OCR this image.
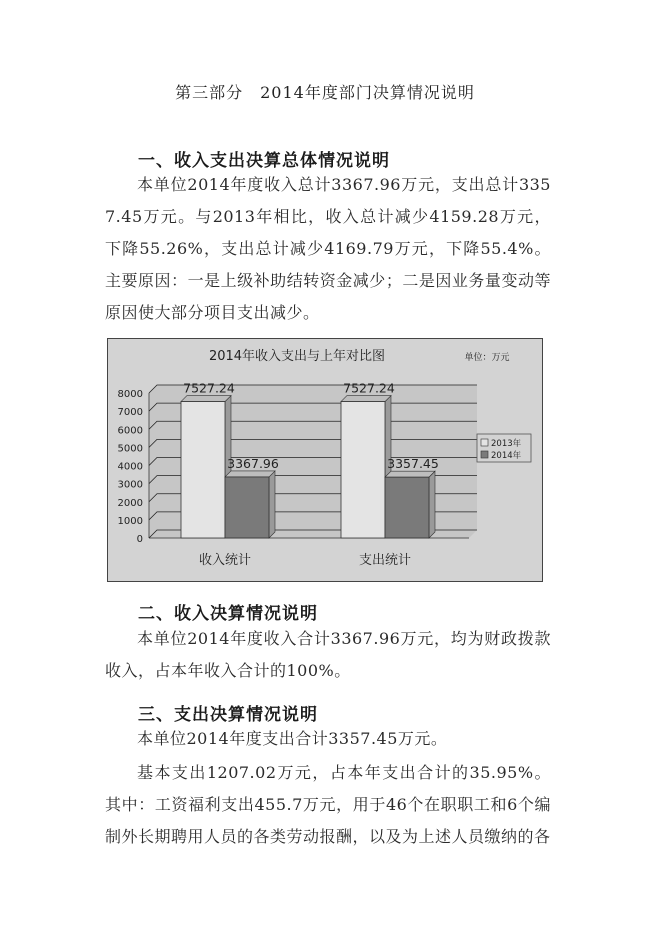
第三部分　2014年度部门决算情况说明
一、收入支出决算总体情况说明

本单位2014年度收入总计3367.96万元，支出总计3357.45万元。与2013年相比，收入总计减少4159.28万元，下降55.26%，支出总计减少4169.79万元，下降55.4%。主要原因：一是上级补助结转资金减少；二是因业务量变动等原因使大部分项目支出减少。

2014年收入支出与上年对比图	单位：万元
0
1000
2000
3000
4000
5000
6000
7000
8000	7527.24
3367.96
收入统计
7527.24
3357.45
支出统计
2013年
2014年
二、收入决算情况说明

本单位2014年度收入合计3367.96万元，均为财政拨款收入，占本年收入合计的100%。

三、支出决算情况说明

本单位2014年度支出合计3357.45万元。

基本支出1207.02万元，占本年支出合计的35.95%。其中：工资福利支出455.7万元，用于46个在职职工和6个编制外长期聘用人员的各类劳动报酬，以及为上述人员缴纳的各
